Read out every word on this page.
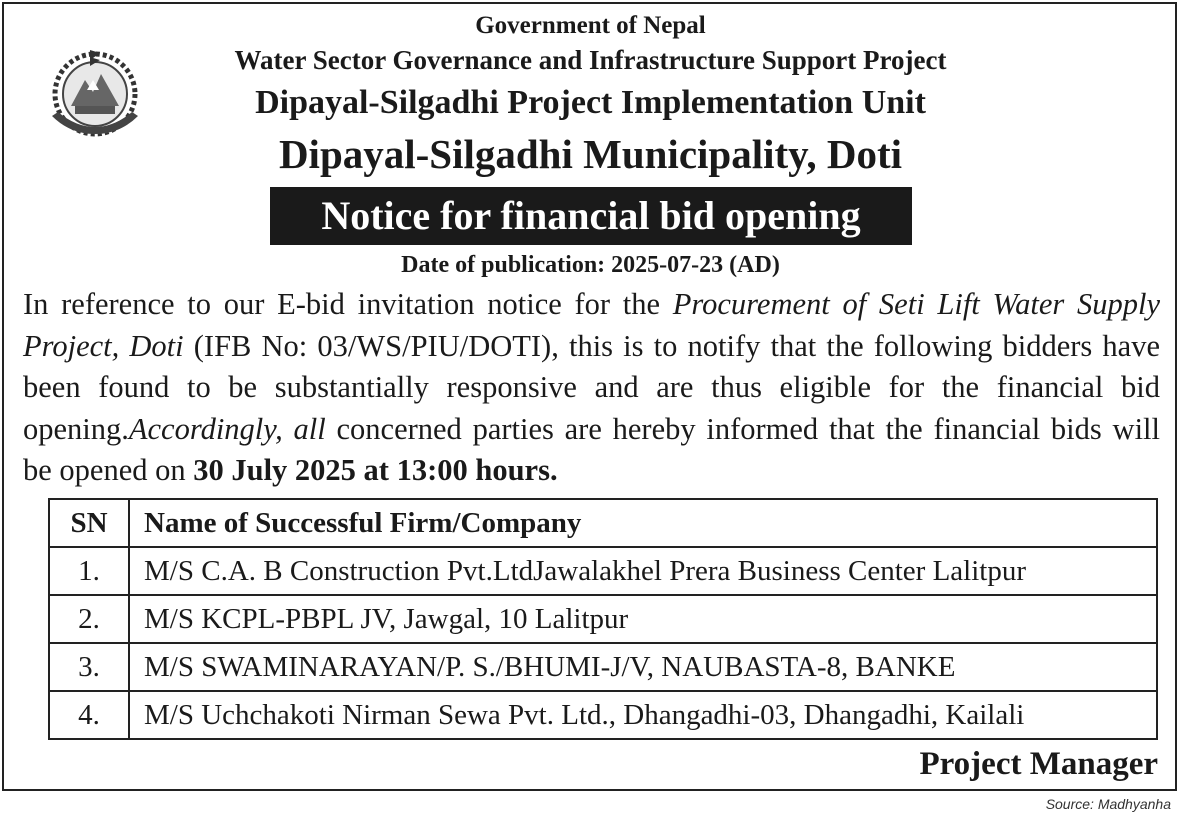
Government of Nepal
Water Sector Governance and Infrastructure Support Project
Dipayal-Silgadhi Project Implementation Unit
Dipayal-Silgadhi Municipality, Doti
Notice for financial bid opening
Date of publication: 2025-07-23 (AD)
In reference to our E-bid invitation notice for the Procurement of Seti Lift Water Supply Project, Doti (IFB No: 03/WS/PIU/DOTI), this is to notify that the following bidders have been found to be substantially responsive and are thus eligible for the financial bid opening.Accordingly, all concerned parties are hereby informed that the financial bids will be opened on 30 July 2025 at 13:00 hours.
SN	Name of Successful Firm/Company
1.	M/S C.A. B Construction Pvt.LtdJawalakhel Prera Business Center Lalitpur
2.	M/S KCPL-PBPL JV, Jawgal, 10 Lalitpur
3.	M/S SWAMINARAYAN/P. S./BHUMI-J/V, NAUBASTA-8, BANKE
4.	M/S Uchchakoti Nirman Sewa Pvt. Ltd., Dhangadhi-03, Dhangadhi, Kailali
Project Manager
Source: Madhyanha
